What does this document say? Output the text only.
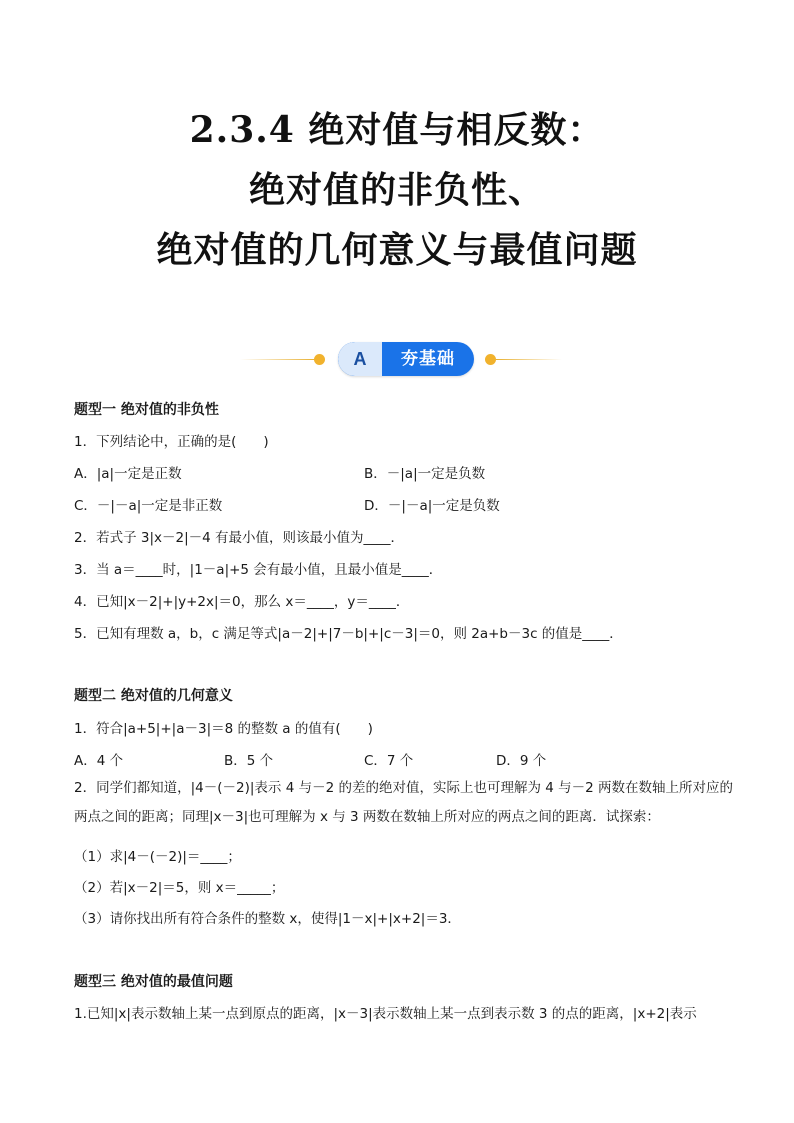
2.3.4 绝对值与相反数：
绝对值的非负性、
绝对值的几何意义与最值问题
A	夯基础
题型一 绝对值的非负性
1．下列结论中，正确的是(　　)
A．|a|一定是正数	B．－|a|一定是负数
C．－|－a|一定是非正数	D．－|－a|一定是负数
2．若式子 3|x－2|－4 有最小值，则该最小值为____．
3．当 a＝____时，|1－a|+5 会有最小值，且最小值是____．
4．已知|x－2|+|y+2x|＝0，那么 x＝____，y＝____．
5．已知有理数 a，b，c 满足等式|a－2|+|7－b|+|c－3|＝0，则 2a+b－3c 的值是____．
题型二 绝对值的几何意义
1．符合|a+5|+|a－3|＝8 的整数 a 的值有(　　)
A．4 个	B．5 个	C．7 个	D．9 个
2．同学们都知道，|4－(－2)|表示 4 与－2 的差的绝对值，实际上也可理解为 4 与－2 两数在数轴上所对应的两点之间的距离；同理|x－3|也可理解为 x 与 3 两数在数轴上所对应的两点之间的距离．试探索：
（1）求|4－(－2)|＝____；
（2）若|x－2|＝5，则 x＝_____；
（3）请你找出所有符合条件的整数 x，使得|1－x|+|x+2|＝3．
题型三 绝对值的最值问题
1.已知|x|表示数轴上某一点到原点的距离，|x－3|表示数轴上某一点到表示数 3 的点的距离，|x+2|表示
